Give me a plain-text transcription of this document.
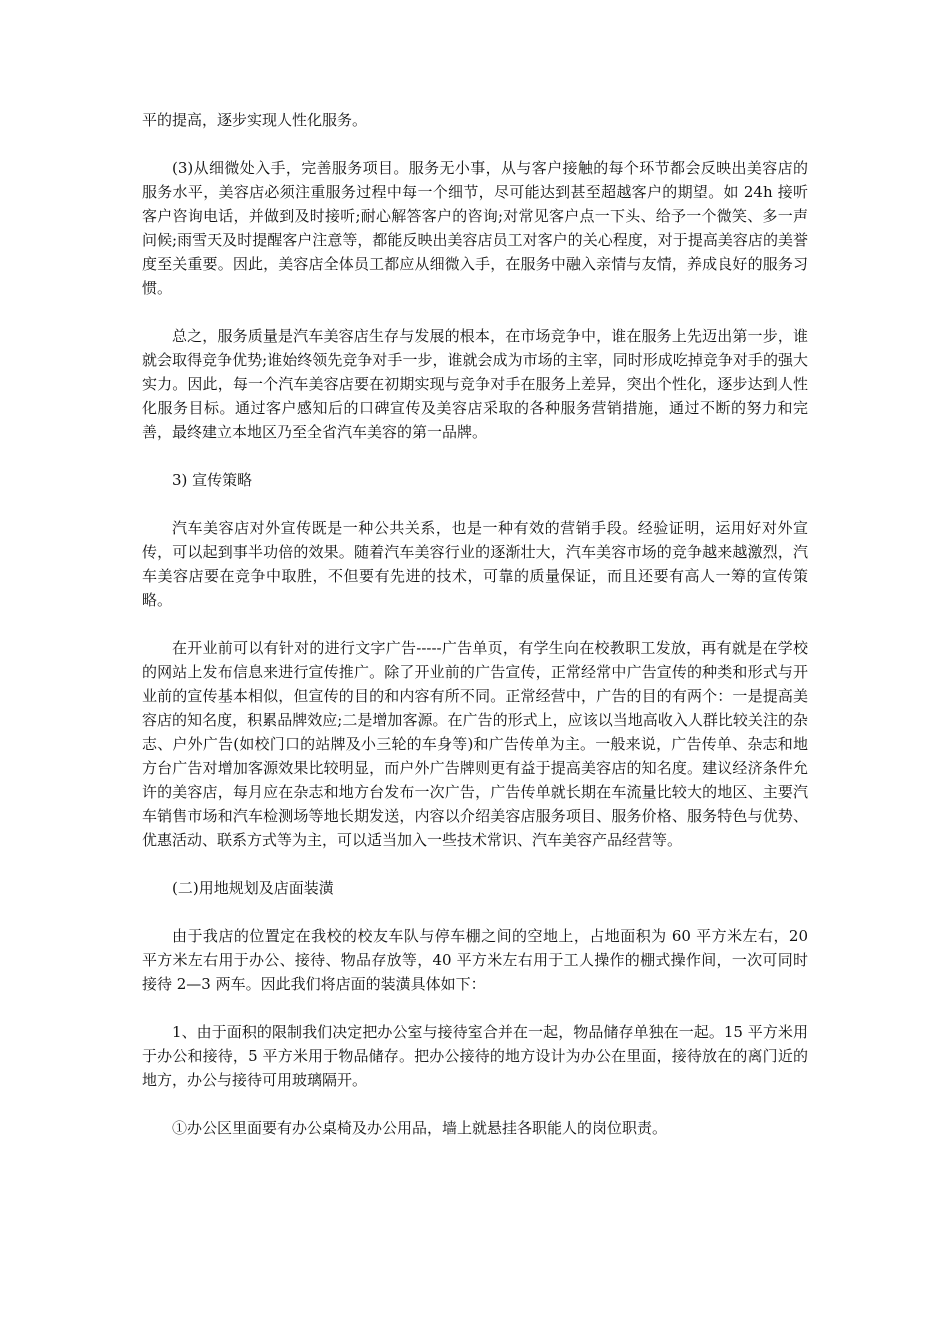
平的提高，逐步实现人性化服务。

(3)从细微处入手，完善服务项目。服务无小事，从与客户接触的每个环节都会反映出美容店的服务水平，美容店必须注重服务过程中每一个细节，尽可能达到甚至超越客户的期望。如 24h 接听客户咨询电话，并做到及时接听;耐心解答客户的咨询;对常见客户点一下头、给予一个微笑、多一声问候;雨雪天及时提醒客户注意等，都能反映出美容店员工对客户的关心程度，对于提高美容店的美誉度至关重要。因此，美容店全体员工都应从细微入手，在服务中融入亲情与友情，养成良好的服务习惯。

总之，服务质量是汽车美容店生存与发展的根本，在市场竞争中，谁在服务上先迈出第一步，谁就会取得竞争优势;谁始终领先竞争对手一步，谁就会成为市场的主宰，同时形成吃掉竞争对手的强大实力。因此，每一个汽车美容店要在初期实现与竞争对手在服务上差异，突出个性化，逐步达到人性化服务目标。通过客户感知后的口碑宣传及美容店采取的各种服务营销措施，通过不断的努力和完善，最终建立本地区乃至全省汽车美容的第一品牌。

3) 宣传策略

汽车美容店对外宣传既是一种公共关系，也是一种有效的营销手段。经验证明，运用好对外宣传，可以起到事半功倍的效果。随着汽车美容行业的逐渐壮大，汽车美容市场的竞争越来越激烈，汽车美容店要在竞争中取胜，不但要有先进的技术，可靠的质量保证，而且还要有高人一筹的宣传策略。

在开业前可以有针对的进行文字广告-----广告单页，有学生向在校教职工发放，再有就是在学校的网站上发布信息来进行宣传推广。除了开业前的广告宣传，正常经常中广告宣传的种类和形式与开业前的宣传基本相似，但宣传的目的和内容有所不同。正常经营中，广告的目的有两个：一是提高美容店的知名度，积累品牌效应;二是增加客源。在广告的形式上，应该以当地高收入人群比较关注的杂志、户外广告(如校门口的站牌及小三轮的车身等)和广告传单为主。一般来说，广告传单、杂志和地方台广告对增加客源效果比较明显，而户外广告牌则更有益于提高美容店的知名度。建议经济条件允许的美容店，每月应在杂志和地方台发布一次广告，广告传单就长期在车流量比较大的地区、主要汽车销售市场和汽车检测场等地长期发送，内容以介绍美容店服务项目、服务价格、服务特色与优势、优惠活动、联系方式等为主，可以适当加入一些技术常识、汽车美容产品经营等。

(二)用地规划及店面装潢

由于我店的位置定在我校的校友车队与停车棚之间的空地上，占地面积为 60 平方米左右，20 平方米左右用于办公、接待、物品存放等，40 平方米左右用于工人操作的棚式操作间，一次可同时接待 2—3 两车。因此我们将店面的装潢具体如下：

1、由于面积的限制我们决定把办公室与接待室合并在一起，物品储存单独在一起。15 平方米用于办公和接待，5 平方米用于物品储存。把办公接待的地方设计为办公在里面，接待放在的离门近的地方，办公与接待可用玻璃隔开。

①办公区里面要有办公桌椅及办公用品，墙上就悬挂各职能人的岗位职责。
